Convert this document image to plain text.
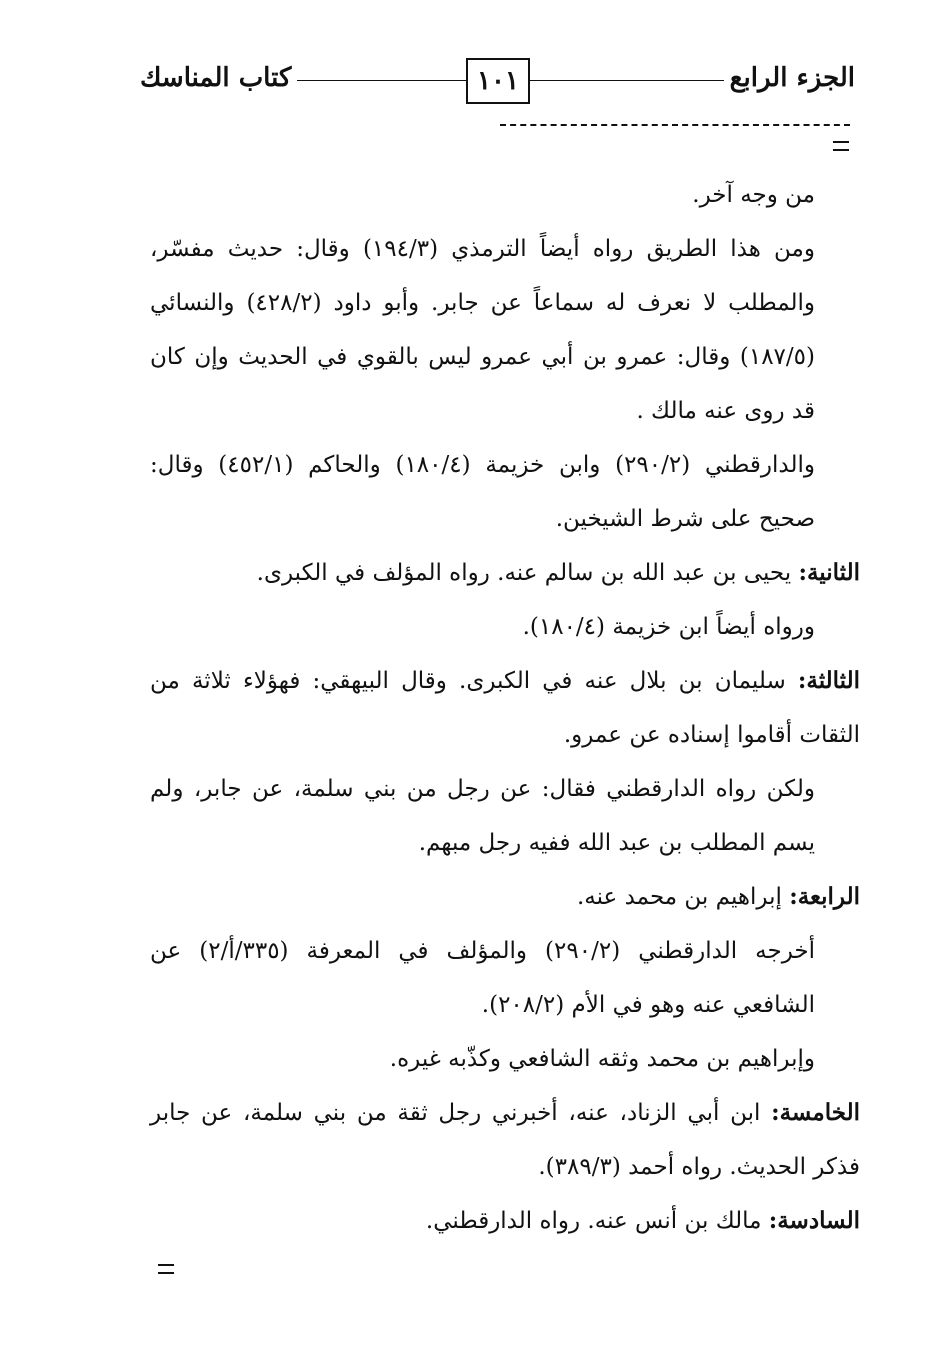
الجزء الرابع
١٠١
كتاب المناسك

من وجه آخر.

ومن هذا الطريق رواه أيضاً الترمذي (١٩٤/٣) وقال: حديث مفسّر، والمطلب لا نعرف له سماعاً عن جابر. وأبو داود (٤٢٨/٢) والنسائي (١٨٧/٥) وقال: عمرو بن أبي عمرو ليس بالقوي في الحديث وإن كان قد روى عنه مالك .

والدارقطني (٢٩٠/٢) وابن خزيمة (١٨٠/٤) والحاكم (٤٥٢/١) وقال: صحيح على شرط الشيخين.

الثانية: يحيى بن عبد الله بن سالم عنه. رواه المؤلف في الكبرى.

ورواه أيضاً ابن خزيمة (١٨٠/٤).

الثالثة: سليمان بن بلال عنه في الكبرى. وقال البيهقي: فهؤلاء ثلاثة من الثقات أقاموا إسناده عن عمرو.

ولكن رواه الدارقطني فقال: عن رجل من بني سلمة، عن جابر، ولم يسم المطلب بن عبد الله ففيه رجل مبهم.

الرابعة: إبراهيم بن محمد عنه.

أخرجه الدارقطني (٢٩٠/٢) والمؤلف في المعرفة (٣٣٥/أ/٢) عن الشافعي عنه وهو في الأم (٢٠٨/٢).

وإبراهيم بن محمد وثقه الشافعي وكذّبه غيره.

الخامسة: ابن أبي الزناد، عنه، أخبرني رجل ثقة من بني سلمة، عن جابر فذكر الحديث. رواه أحمد (٣٨٩/٣).

السادسة: مالك بن أنس عنه. رواه الدارقطني.
